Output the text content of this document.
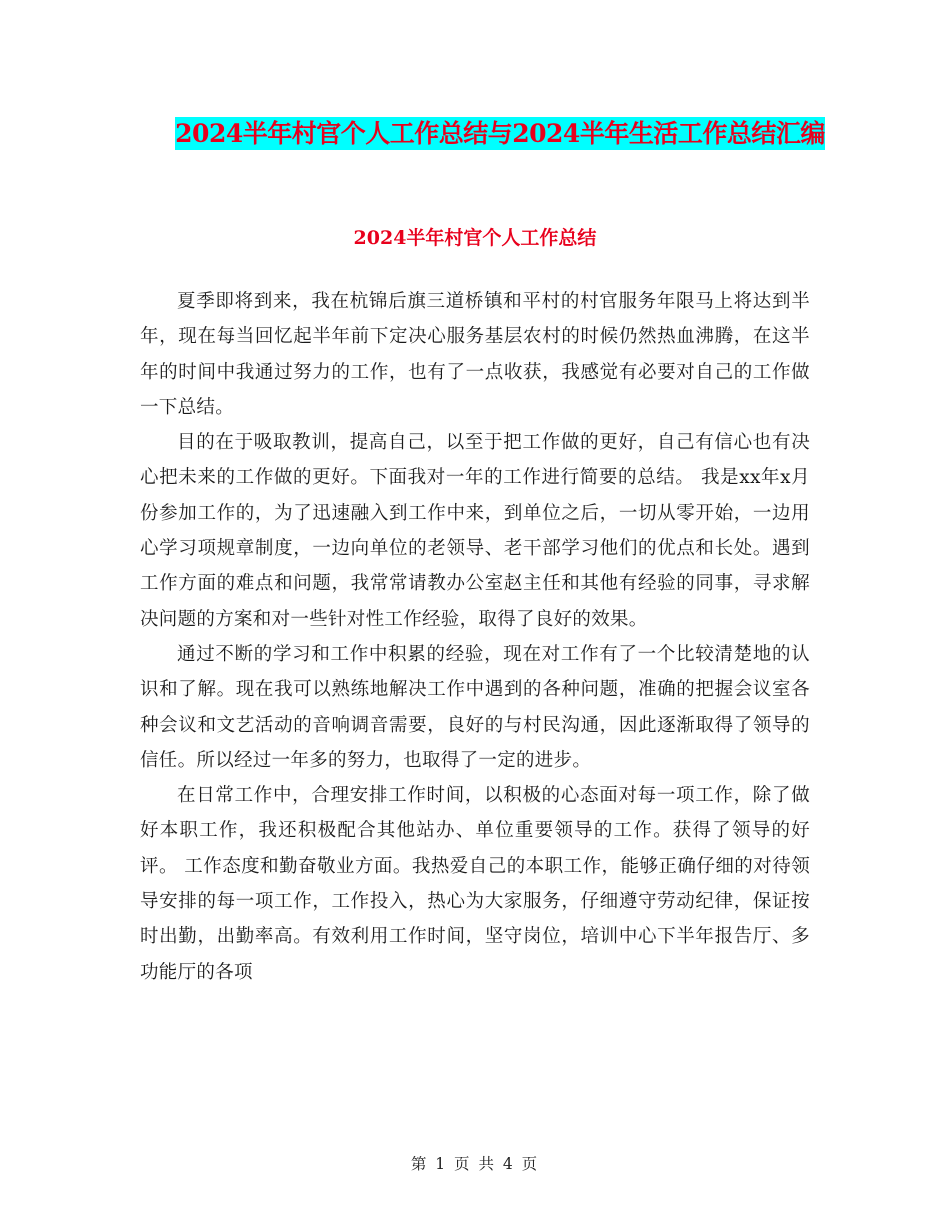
2024半年村官个人工作总结与2024半年生活工作总结汇编
2024半年村官个人工作总结

夏季即将到来，我在杭锦后旗三道桥镇和平村的村官服务年限马上将达到半年，现在每当回忆起半年前下定决心服务基层农村的时候仍然热血沸腾，在这半年的时间中我通过努力的工作，也有了一点收获，我感觉有必要对自己的工作做一下总结。

目的在于吸取教训，提高自己，以至于把工作做的更好，自己有信心也有决心把未来的工作做的更好。下面我对一年的工作进行简要的总结。 我是xx年x月份参加工作的，为了迅速融入到工作中来，到单位之后，一切从零开始，一边用心学习项规章制度，一边向单位的老领导、老干部学习他们的优点和长处。遇到工作方面的难点和问题，我常常请教办公室赵主任和其他有经验的同事，寻求解决问题的方案和对一些针对性工作经验，取得了良好的效果。

通过不断的学习和工作中积累的经验，现在对工作有了一个比较清楚地的认识和了解。现在我可以熟练地解决工作中遇到的各种问题，准确的把握会议室各种会议和文艺活动的音响调音需要，良好的与村民沟通，因此逐渐取得了领导的信任。所以经过一年多的努力，也取得了一定的进步。

在日常工作中，合理安排工作时间，以积极的心态面对每一项工作，除了做好本职工作，我还积极配合其他站办、单位重要领导的工作。获得了领导的好评。 工作态度和勤奋敬业方面。我热爱自己的本职工作，能够正确仔细的对待领导安排的每一项工作，工作投入，热心为大家服务，仔细遵守劳动纪律，保证按时出勤，出勤率高。有效利用工作时间，坚守岗位，培训中心下半年报告厅、多功能厅的各项

第 1 页 共 4 页
